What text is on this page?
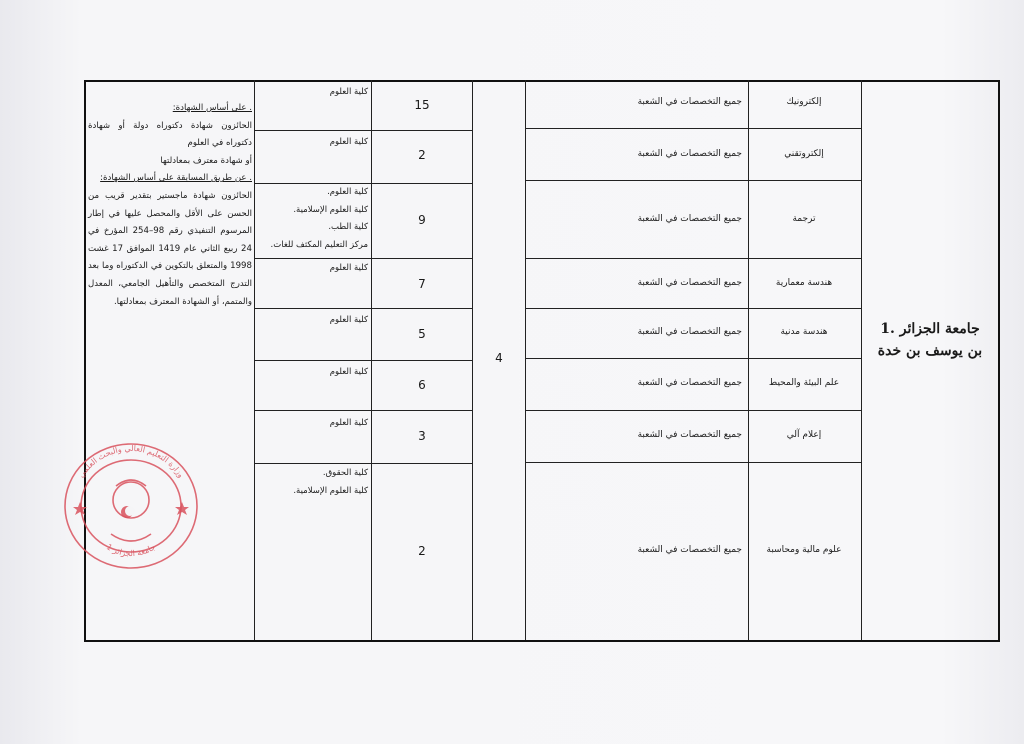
جامعة الجزائر .1
بن يوسف بن خدة
4
إلكترونيك
إلكتروتقني
ترجمة
هندسة معمارية
هندسة مدنية
علم البيئة والمحيط
إعلام آلي
علوم مالية ومحاسبة
جميع التخصصات في الشعبة
جميع التخصصات في الشعبة
جميع التخصصات في الشعبة
جميع التخصصات في الشعبة
جميع التخصصات في الشعبة
جميع التخصصات في الشعبة
جميع التخصصات في الشعبة
جميع التخصصات في الشعبة
15
2
9
7
5
6
3
2
كلية العلوم
كلية العلوم
.كلية العلوم
.كلية العلوم الإسلامية
.كلية الطب
.مركز التعليم المكثف للغات
كلية العلوم
كلية العلوم
كلية العلوم
كلية العلوم
.كلية الحقوق
.كلية العلوم الإسلامية
. على أساس الشهادة:
الحائزون شهادة دكتوراه دولة أو شهادة دكتوراه في العلوم
أو شهادة معترف بمعادلتها
. عن طريق المسابقة على أساس الشهادة:
الحائزون شهادة ماجستير بتقدير قريب من الحسن على الأقل والمحصل عليها في إطار المرسوم التنفيذي رقم 98–254 المؤرخ في 24 ربيع الثاني عام 1419 الموافق 17 غشت 1998 والمتعلق بالتكوين في الدكتوراه وما بعد التدرج المتخصص والتأهيل الجامعي، المعدل والمتمم، أو الشهادة المعترف بمعادلتها.
وزارة التعليم العالي والبحث العلمي
جامعة الجزائر 1
